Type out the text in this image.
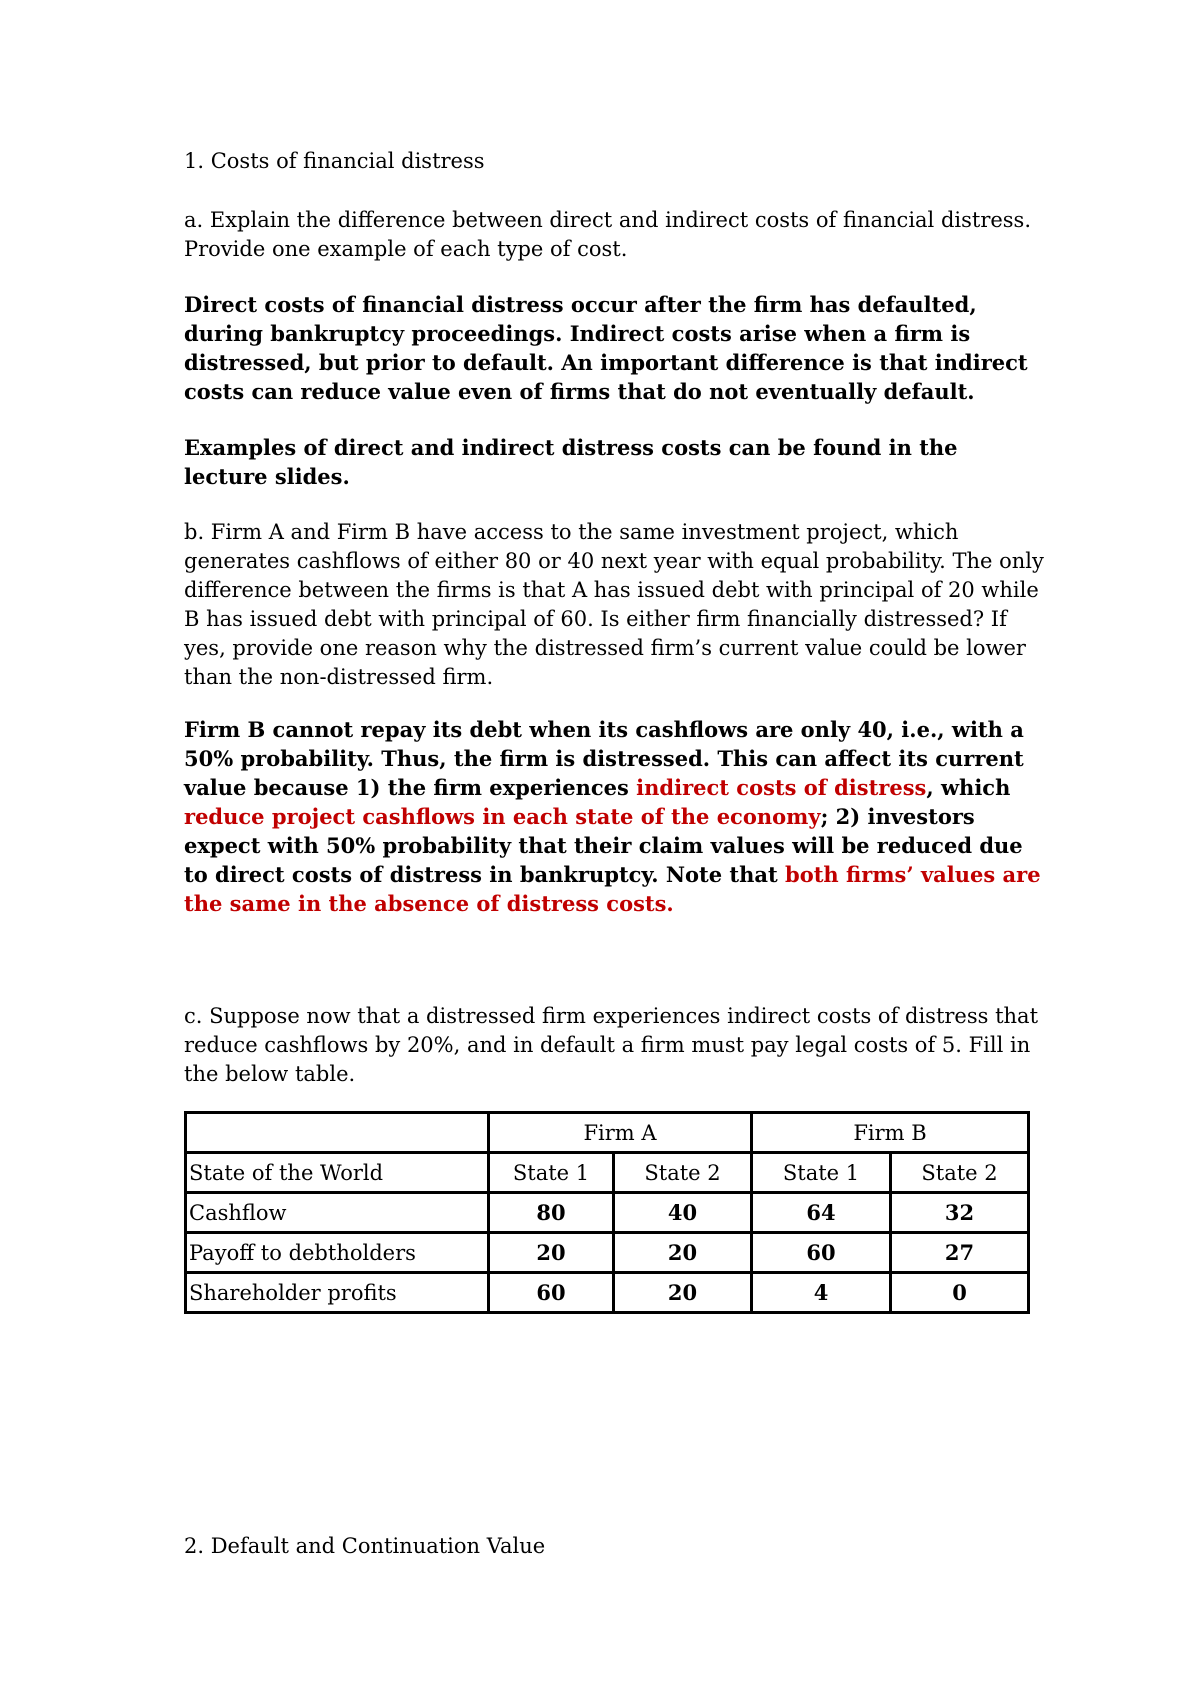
1. Costs of financial distress

a. Explain the difference between direct and indirect costs of financial distress. Provide one example of each type of cost.

Direct costs of financial distress occur after the firm has defaulted, during bankruptcy proceedings. Indirect costs arise when a firm is distressed, but prior to default. An important difference is that indirect costs can reduce value even of firms that do not eventually default.

Examples of direct and indirect distress costs can be found in the lecture slides.

b. Firm A and Firm B have access to the same investment project, which generates cashflows of either 80 or 40 next year with equal probability. The only difference between the firms is that A has issued debt with principal of 20 while B has issued debt with principal of 60. Is either firm financially distressed? If yes, provide one reason why the distressed firm’s current value could be lower than the non-distressed firm.

Firm B cannot repay its debt when its cashflows are only 40, i.e., with a 50% probability. Thus, the firm is distressed. This can affect its current value because 1) the firm experiences indirect costs of distress, which reduce project cashflows in each state of the economy; 2) investors expect with 50% probability that their claim values will be reduced due to direct costs of distress in bankruptcy. Note that both firms’ values are the same in the absence of distress costs.

c. Suppose now that a distressed firm experiences indirect costs of distress that reduce cashflows by 20%, and in default a firm must pay legal costs of 5. Fill in the below table.

	Firm A		Firm B	
State of the World	State 1	State 2	State 1	State 2
Cashflow	80	40	64	32
Payoff to debtholders	20	20	60	27
Shareholder profits	60	20	4	0

2. Default and Continuation Value
